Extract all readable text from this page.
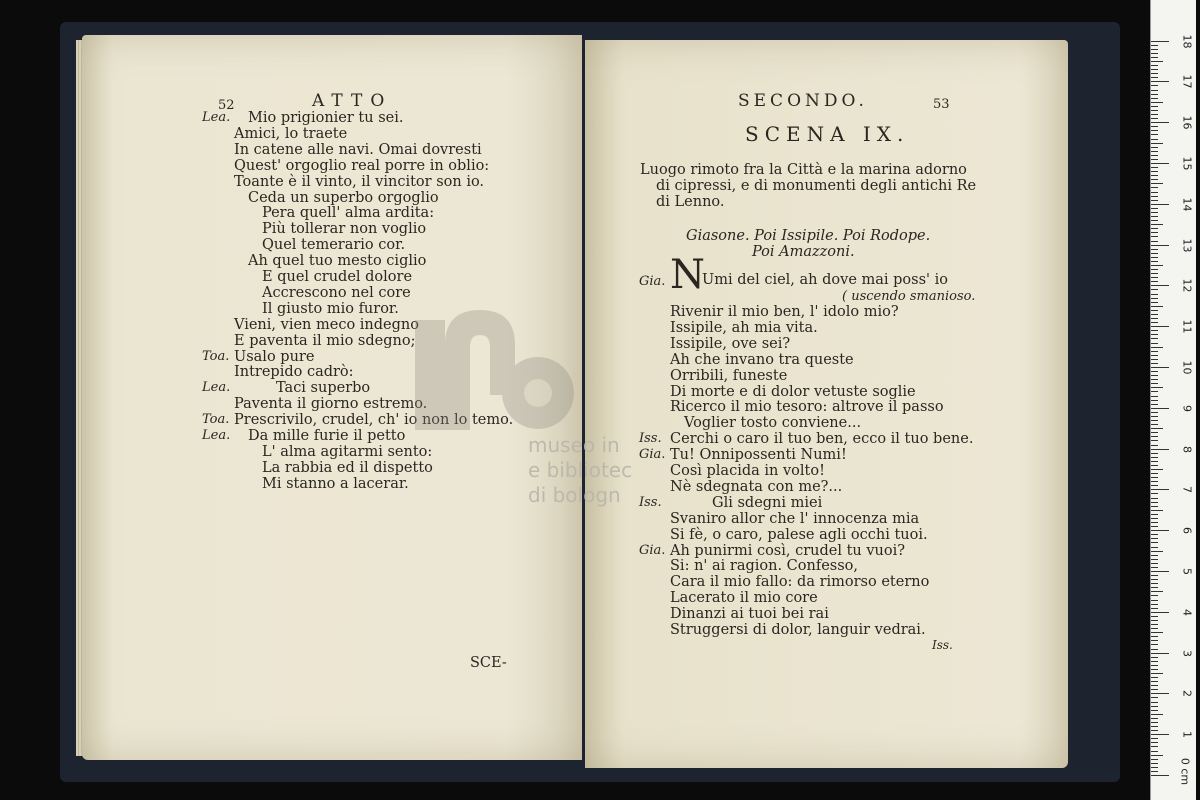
52	ATTO
Lea. Mio prigionier tu sei.
Amici, lo traete
In catene alle navi. Omai dovresti
Quest' orgoglio real porre in oblio:
Toante è il vinto, il vincitor son io.
Ceda un superbo orgoglio
Pera quell' alma ardita:
Più tollerar non voglio
Quel temerario cor.
Ah quel tuo mesto ciglio
E quel crudel dolore
Accrescono nel core
Il giusto mio furor.
Vieni, vien meco indegno
E paventa il mio sdegno;
Toa. Usalo pure
Intrepido cadrò:
Lea.	Taci superbo
Paventa il giorno estremo.
Toa. Prescrivilo, crudel, ch' io non lo temo.
Lea. Da mille furie il petto
L' alma agitarmi sento:
La rabbia ed il dispetto
Mi stanno a lacerar.
SCE-
SECONDO.	53
SCENA IX.
Luogo rimoto fra la Città e la marina adorno
di cipressi, e di monumenti degli antichi Re
di Lenno.
Giasone. Poi Issipile. Poi Rodope.
Poi Amazzoni.
Gia. N
Umi del ciel, ah dove mai poss' io
( uscendo smanioso.
Rivenir il mio ben, l' idolo mio?
Issipile, ah mia vita.
Issipile, ove sei?
Ah che invano tra queste
Orribili, funeste
Di morte e di dolor vetuste soglie
Ricerco il mio tesoro: altrove il passo
Voglier tosto conviene...
Iss. Cerchi o caro il tuo ben, ecco il tuo bene.
Gia. Tu! Onnipossenti Numi!
Così placida in volto!
Nè sdegnata con me?...
Iss.	Gli sdegni miei
Svaniro allor che l' innocenza mia
Si fè, o caro, palese agli occhi tuoi.
Gia. Ah punirmi così, crudel tu vuoi?
Si: n' ai ragion. Confesso,
Cara il mio fallo: da rimorso eterno
Lacerato il mio core
Dinanzi ai tuoi bei rai
Struggersi di dolor, languir vedrai.
Iss.
museo in
e bibliotec
di bologn
0 cm
18
17
16
15
14
13
12
11
10
9
8
7
6
5
4
3
2
1
